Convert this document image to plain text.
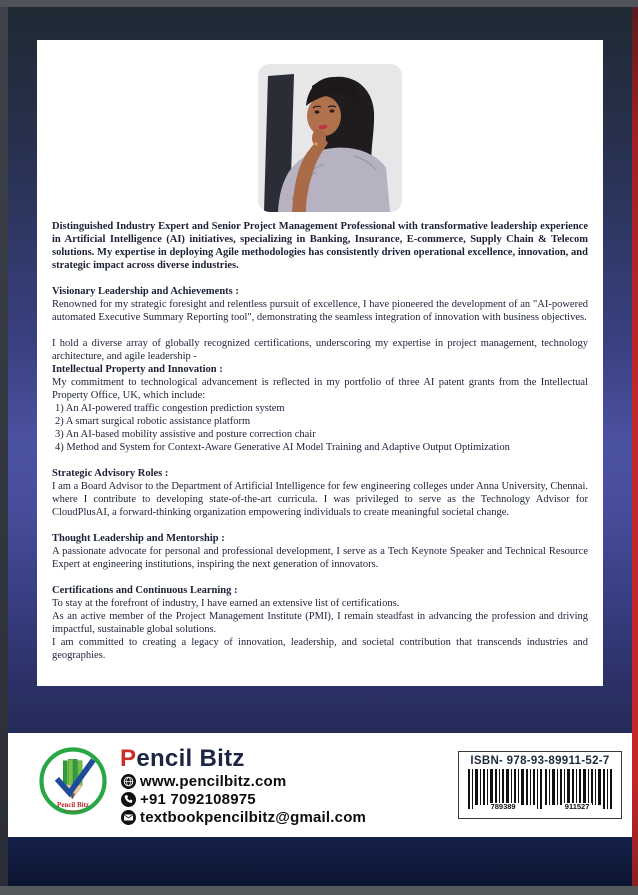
Distinguished Industry Expert and Senior Project Management Professional with transformative leadership experience in Artificial Intelligence (AI) initiatives, specializing in Banking, Insurance, E-commerce, Supply Chain & Telecom solutions. My expertise in deploying Agile methodologies has consistently driven operational excellence, innovation, and strategic impact across diverse industries.

Visionary Leadership and Achievements :

Renowned for my strategic foresight and relentless pursuit of excellence, I have pioneered the development of an "AI-powered automated Executive Summary Reporting tool", demonstrating the seamless integration of innovation with business objectives.

I hold a diverse array of globally recognized certifications, underscoring my expertise in project management, technology architecture, and agile leadership -

Intellectual Property and Innovation :

My commitment to technological advancement is reflected in my portfolio of three AI patent grants from the Intellectual Property Office, UK, which include:

1) An AI-powered traffic congestion prediction system
2) A smart surgical robotic assistance platform
3) An AI-based mobility assistive and posture correction chair
4) Method and System for Context-Aware Generative AI Model Training and Adaptive Output Optimization

Strategic Advisory Roles :

I am a Board Advisor to the Department of Artificial Intelligence for few engineering colleges under Anna University, Chennai. where I contribute to developing state-of-the-art curricula. I was privileged to serve as the Technology Advisor for CloudPlusAI, a forward-thinking organization empowering individuals to create meaningful societal change.

Thought Leadership and Mentorship :

A passionate advocate for personal and professional development, I serve as a Tech Keynote Speaker and Technical Resource Expert at engineering institutions, inspiring the next generation of innovators.

Certifications and Continuous Learning :

To stay at the forefront of industry, I have earned an extensive list of certifications.

As an active member of the Project Management Institute (PMI), I remain steadfast in advancing the profession and driving impactful, sustainable global solutions.

I am committed to creating a legacy of innovation, leadership, and societal contribution that transcends industries and geographies.

Pencil Bitz
LeaD the WaY
Pencil Bitz
www.pencilbitz.com
+91 7092108975
textbookpencilbitz@gmail.com
ISBN- 978-93-89911-52-7
789389	911527
